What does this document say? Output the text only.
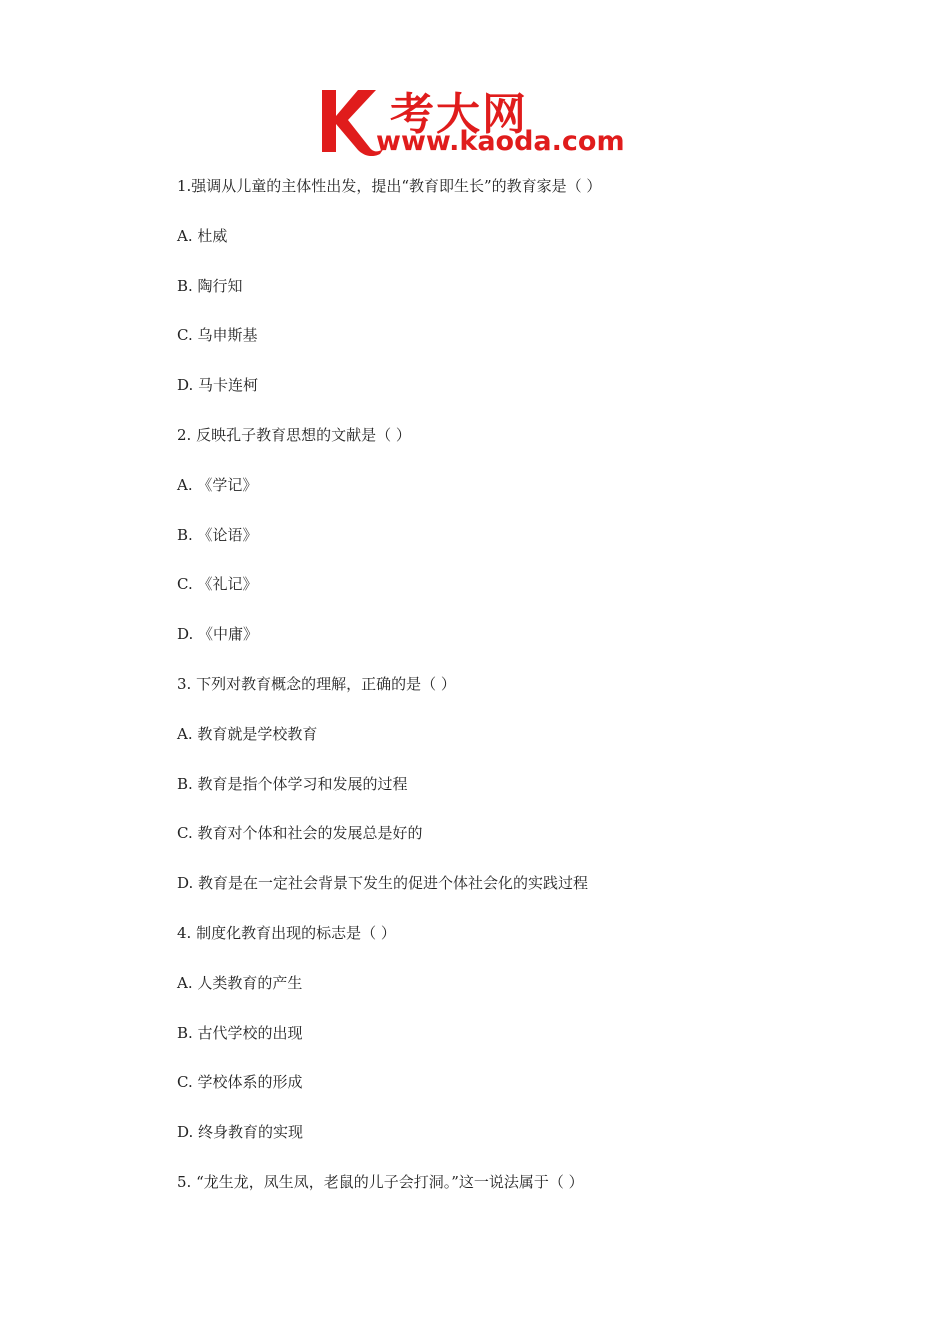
考大网
www.kaoda.com
1.强调从儿童的主体性出发，提出“教育即生长”的教育家是（ ）
A. 杜威
B. 陶行知
C. 乌申斯基
D. 马卡连柯
2. 反映孔子教育思想的文献是（ ）
A. 《学记》
B. 《论语》
C. 《礼记》
D. 《中庸》
3. 下列对教育概念的理解，正确的是（ ）
A. 教育就是学校教育
B. 教育是指个体学习和发展的过程
C. 教育对个体和社会的发展总是好的
D. 教育是在一定社会背景下发生的促进个体社会化的实践过程
4. 制度化教育出现的标志是（ ）
A. 人类教育的产生
B. 古代学校的出现
C. 学校体系的形成
D. 终身教育的实现
5. “龙生龙，凤生凤，老鼠的儿子会打洞。”这一说法属于（ ）
